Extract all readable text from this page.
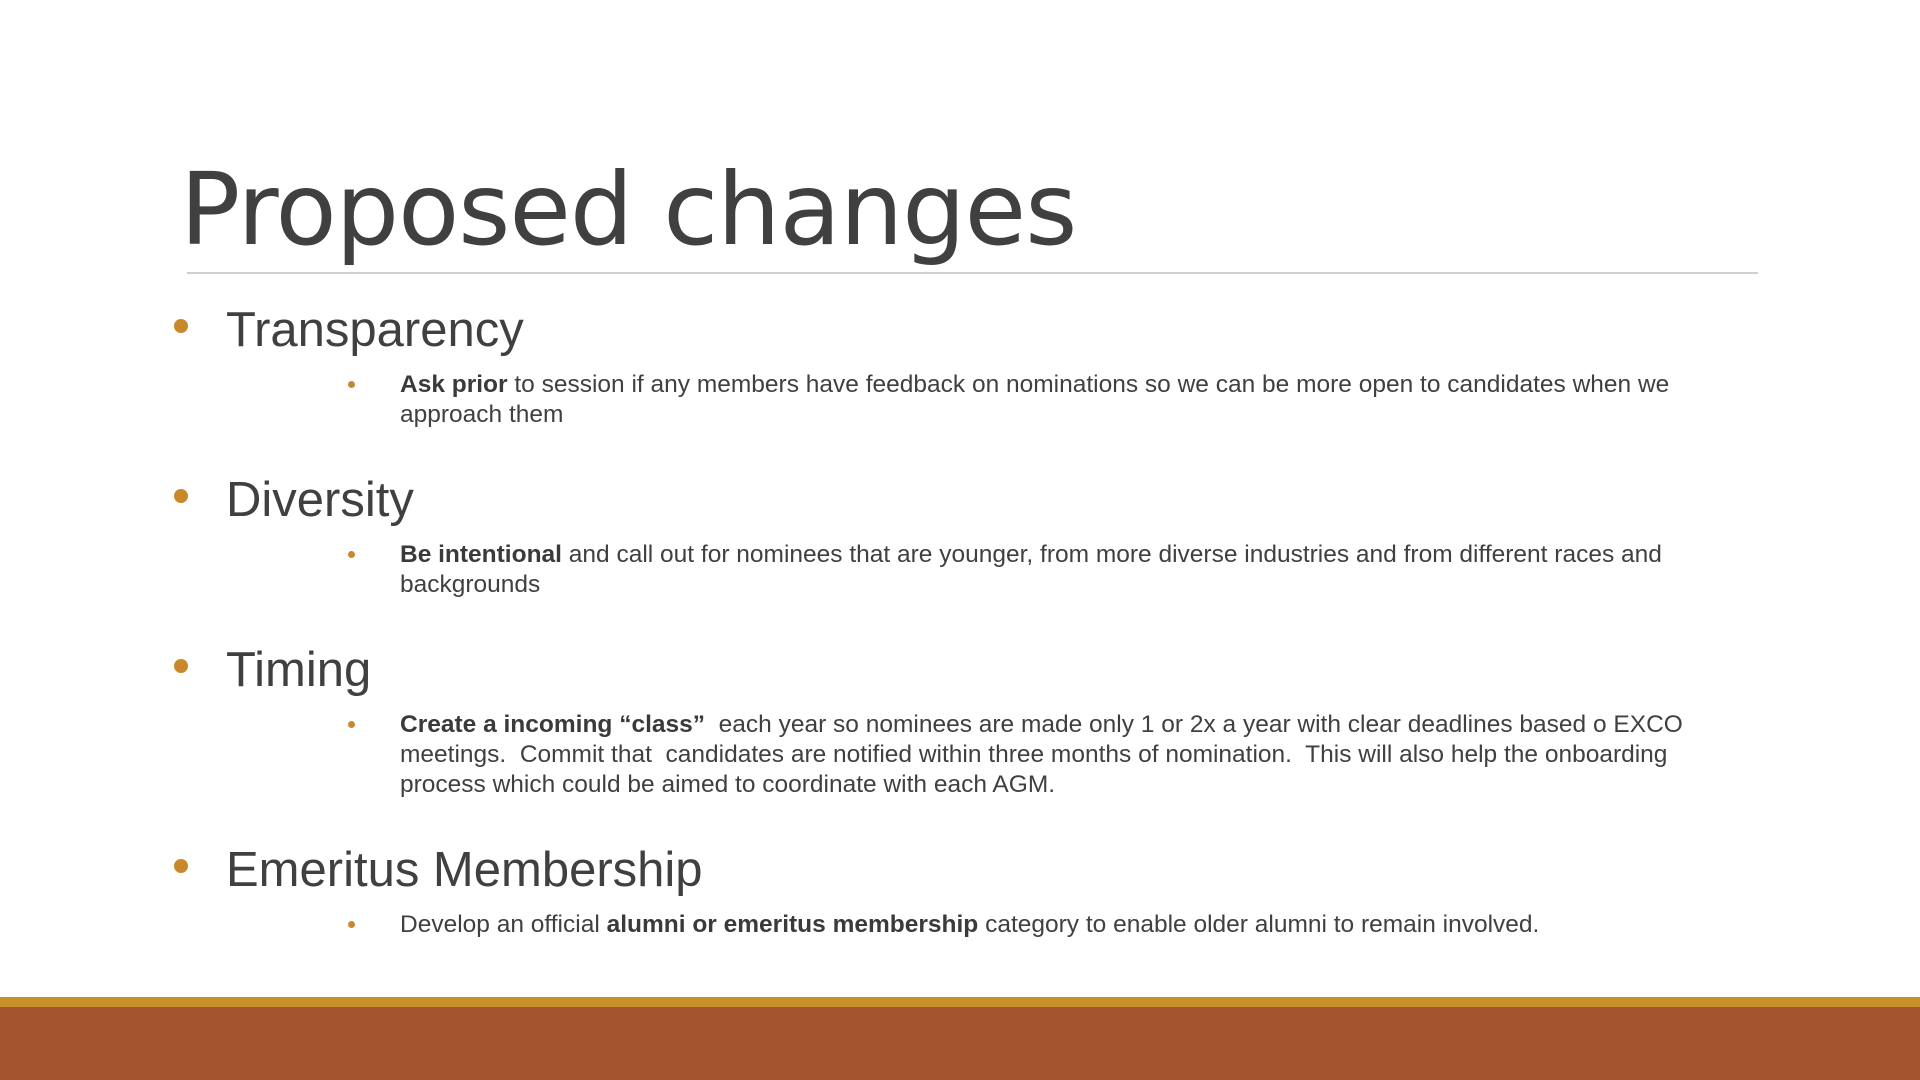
Proposed changes
Transparency
Ask prior to session if any members have feedback on nominations so we can be more open to candidates when we approach them
Diversity
Be intentional and call out for nominees that are younger, from more diverse industries and from different races and backgrounds
Timing
Create a incoming “class”  each year so nominees are made only 1 or 2x a year with clear deadlines based o EXCO meetings.  Commit that  candidates are notified within three months of nomination.  This will also help the onboarding process which could be aimed to coordinate with each AGM.
Emeritus Membership
Develop an official alumni or emeritus membership category to enable older alumni to remain involved.
